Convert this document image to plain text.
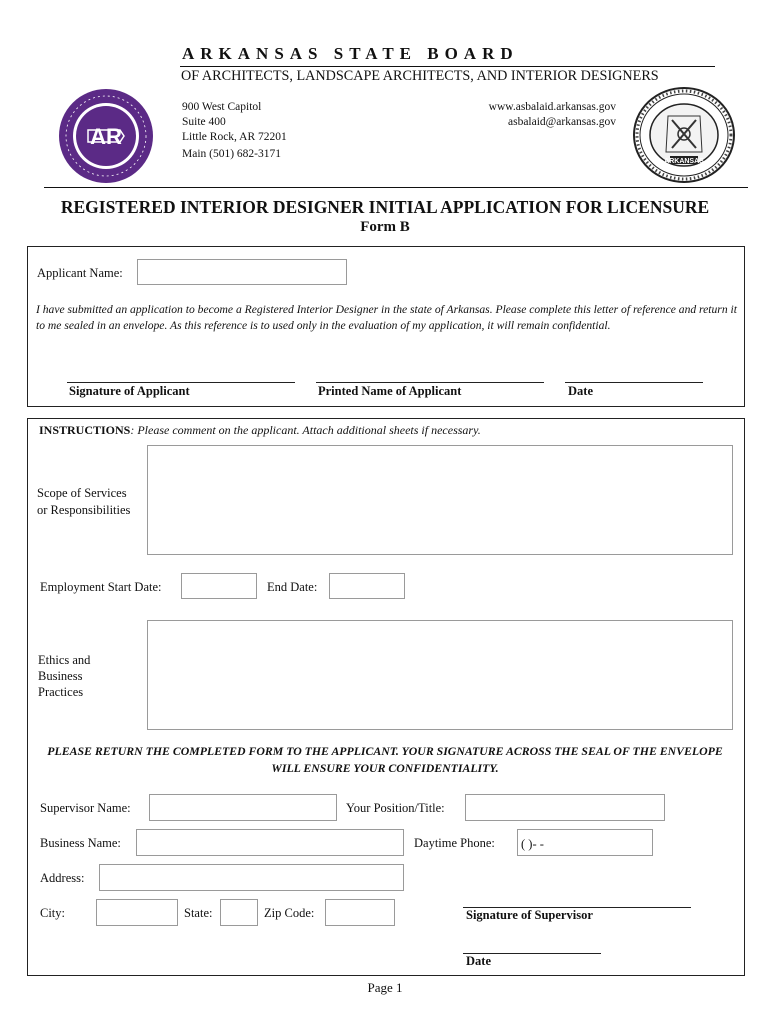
AR
ARKANSAS STATE BOARD
OF ARCHITECTS, LANDSCAPE ARCHITECTS, AND INTERIOR DESIGNERS
900 West Capitol
Suite 400
Little Rock, AR 72201
Main (501) 682-3171
www.asbalaid.arkansas.gov
asbalaid@arkansas.gov
ARKANSAS
REGISTERED INTERIOR DESIGNER INITIAL APPLICATION FOR LICENSURE
Form B
Applicant Name:
I have submitted an application to become a Registered Interior Designer in the state of Arkansas. Please complete this letter of reference and return it to me sealed in an envelope. As this reference is to used only in the evaluation of my application, it will remain confidential.
Signature of Applicant	Printed Name of Applicant	Date
INSTRUCTIONS: Please comment on the applicant. Attach additional sheets if necessary.
Scope of Services
or Responsibilities
Employment Start Date:	End Date:
Ethics and
Business
Practices
PLEASE RETURN THE COMPLETED FORM TO THE APPLICANT. YOUR SIGNATURE ACROSS THE SEAL OF THE ENVELOPE WILL ENSURE YOUR CONFIDENTIALITY.
Supervisor Name:	Your Position/Title:
Business Name:	Daytime Phone: ( )- -
Address:
City:	State:	Zip Code:	Signature of Supervisor
Date
Page 1
